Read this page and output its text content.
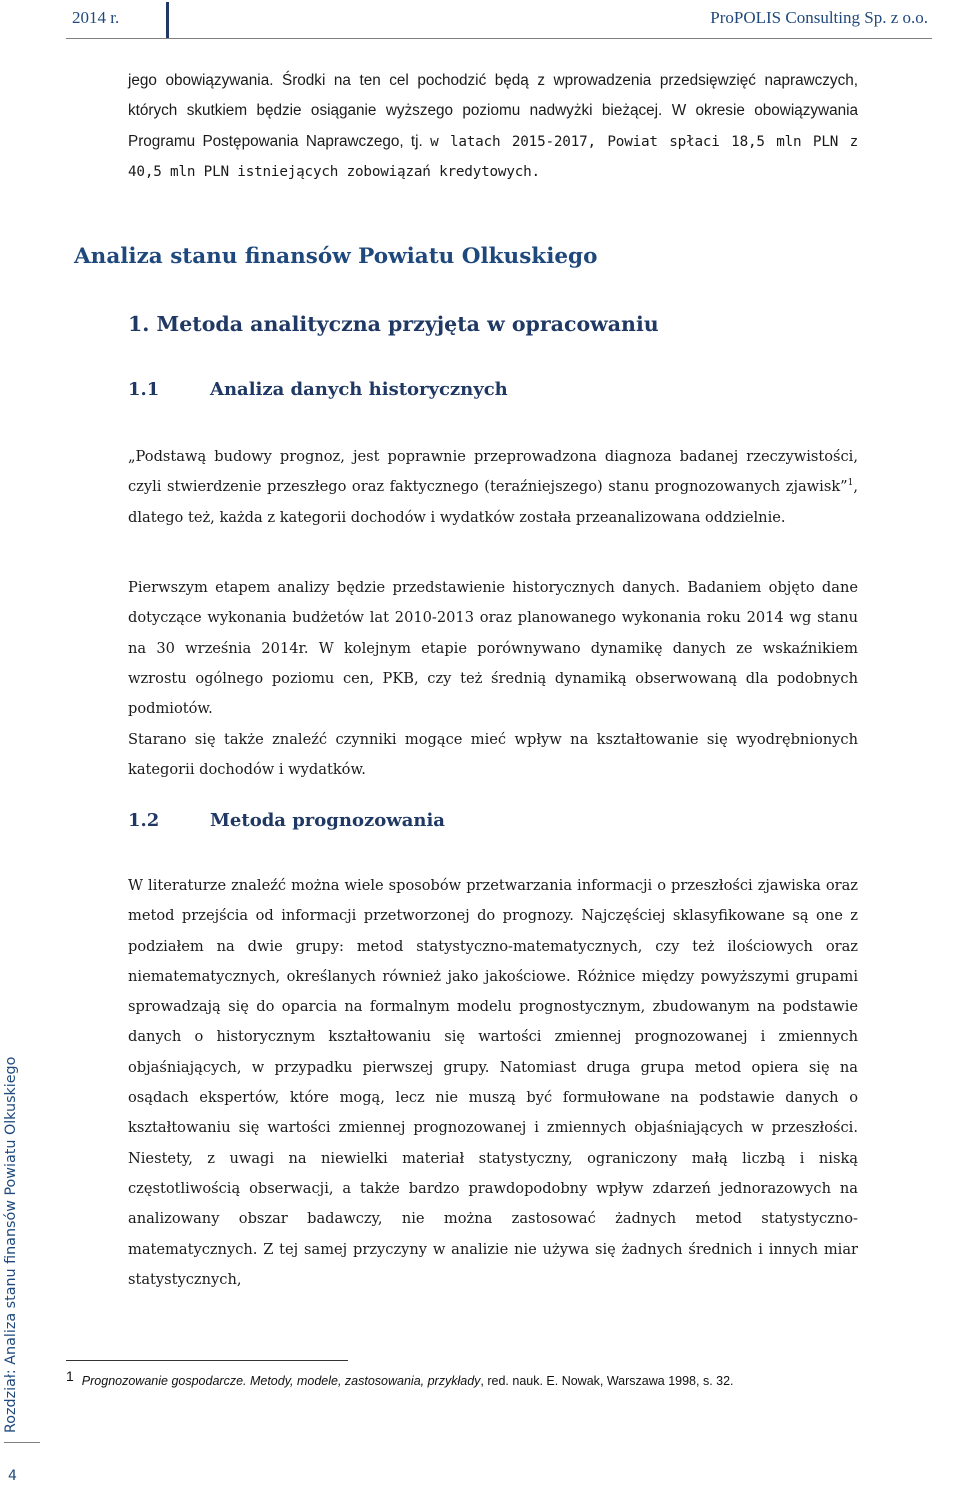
2014 r.	ProPOLIS Consulting Sp. z o.o.

jego obowiązywania. Środki na ten cel pochodzić będą z wprowadzenia przedsięwzięć naprawczych, których skutkiem będzie osiąganie wyższego poziomu nadwyżki bieżącej. W okresie obowiązywania Programu Postępowania Naprawczego, tj. w latach 2015-2017, Powiat spłaci 18,5 mln PLN z 40,5 mln PLN istniejących zobowiązań kredytowych.

Analiza stanu finansów Powiatu Olkuskiego
1. Metoda analityczna przyjęta w opracowaniu
1.1	Analiza danych historycznych

„Podstawą budowy prognoz, jest poprawnie przeprowadzona diagnoza badanej rzeczywistości, czyli stwierdzenie przeszłego oraz faktycznego (teraźniejszego) stanu prognozowanych zjawisk”$^1$, dlatego też, każda z kategorii dochodów i wydatków została przeanalizowana oddzielnie.

Pierwszym etapem analizy będzie przedstawienie historycznych danych. Badaniem objęto dane dotyczące wykonania budżetów lat 2010-2013 oraz planowanego wykonania roku 2014 wg stanu na 30 września 2014r. W kolejnym etapie porównywano dynamikę danych ze wskaźnikiem wzrostu ogólnego poziomu cen, PKB, czy też średnią dynamiką obserwowaną dla podobnych podmiotów.

Starano się także znaleźć czynniki mogące mieć wpływ na kształtowanie się wyodrębnionych kategorii dochodów i wydatków.

1.2	Metoda prognozowania

W literaturze znaleźć można wiele sposobów przetwarzania informacji o przeszłości zjawiska oraz metod przejścia od informacji przetworzonej do prognozy. Najczęściej sklasyfikowane są one z podziałem na dwie grupy: metod statystyczno-matematycznych, czy też ilościowych oraz niematematycznych, określanych również jako jakościowe. Różnice między powyższymi grupami sprowadzają się do oparcia na formalnym modelu prognostycznym, zbudowanym na podstawie danych o historycznym kształtowaniu się wartości zmiennej prognozowanej i zmiennych objaśniających, w przypadku pierwszej grupy. Natomiast druga grupa metod opiera się na osądach ekspertów, które mogą, lecz nie muszą być formułowane na podstawie danych o kształtowaniu się wartości zmiennej prognozowanej i zmiennych objaśniających w przeszłości. Niestety, z uwagi na niewielki materiał statystyczny, ograniczony małą liczbą i niską częstotliwością obserwacji, a także bardzo prawdopodobny wpływ zdarzeń jednorazowych na analizowany obszar badawczy, nie można zastosować żadnych metod statystyczno-matematycznych. Z tej samej przyczyny w analizie nie używa się żadnych średnich i innych miar statystycznych,

1 Prognozowanie gospodarcze. Metody, modele, zastosowania, przykłady, red. nauk. E. Nowak, Warszawa 1998, s. 32.
Rozdział: Analiza stanu finansów Powiatu Olkuskiego
4
